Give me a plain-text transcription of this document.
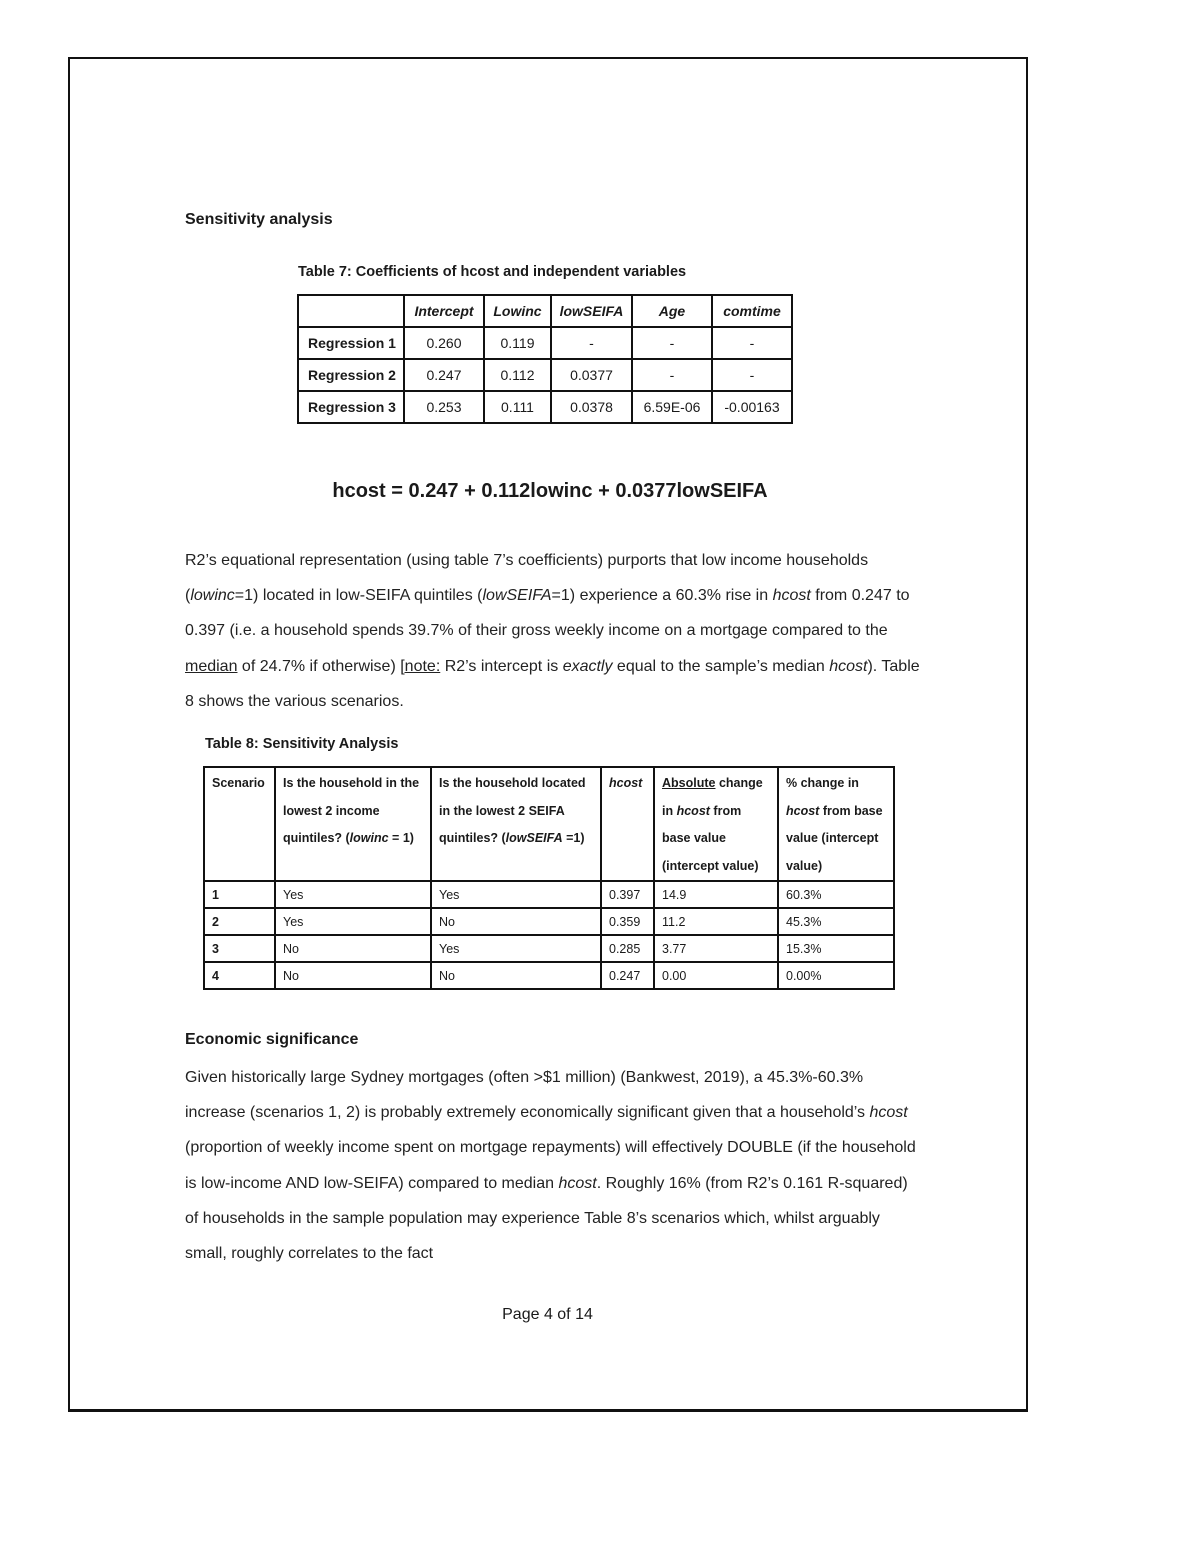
Sensitivity analysis
Table 7: Coefficients of hcost and independent variables
	Intercept	Lowinc	lowSEIFA	Age	comtime
Regression 1	0.260	0.119	-	-	-
Regression 2	0.247	0.112	0.0377	-	-
Regression 3	0.253	0.111	0.0378	6.59E-06	-0.00163
hcost = 0.247 + 0.112lowinc + 0.0377lowSEIFA
R2’s equational representation (using table 7’s coefficients) purports that low income households (lowinc=1) located in low-SEIFA quintiles (lowSEIFA=1) experience a 60.3% rise in hcost from 0.247 to 0.397 (i.e. a household spends 39.7% of their gross weekly income on a mortgage compared to the median of 24.7% if otherwise) [note: R2’s intercept is exactly equal to the sample’s median hcost). Table 8 shows the various scenarios.
Table 8: Sensitivity Analysis
Scenario	Is the household in the lowest 2 income quintiles? (lowinc = 1)	Is the household located in the lowest 2 SEIFA quintiles? (lowSEIFA =1)	hcost	Absolute change in hcost from base value (intercept value)	% change in hcost from base value (intercept value)
1	Yes	Yes	0.397	14.9	60.3%
2	Yes	No	0.359	11.2	45.3%
3	No	Yes	0.285	3.77	15.3%
4	No	No	0.247	0.00	0.00%
Economic significance
Given historically large Sydney mortgages (often >$1 million) (Bankwest, 2019), a 45.3%-60.3% increase (scenarios 1, 2) is probably extremely economically significant given that a household’s hcost (proportion of weekly income spent on mortgage repayments) will effectively DOUBLE (if the household is low-income AND low-SEIFA) compared to median hcost. Roughly 16% (from R2’s 0.161 R-squared) of households in the sample population may experience Table 8’s scenarios which, whilst arguably small, roughly correlates to the fact
Page 4 of 14
